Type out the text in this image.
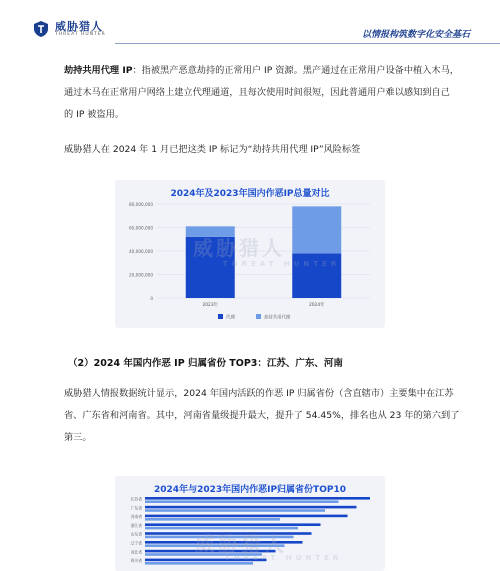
威胁猎人
THREAT HUNTER	以情报构筑数字化安全基石
劫持共用代理 IP：指被黑产恶意劫持的正常用户 IP 资源。黑产通过在正常用户设备中植入木马，
通过木马在正常用户网络上建立代理通道，且每次使用时间很短，因此普通用户难以感知到自己
的 IP 被盗用。
威胁猎人在 2024 年 1 月已把这类 IP 标记为“劫持共用代理 IP”风险标签
2024年及2023年国内作恶IP总量对比
0
20,000,000
40,000,000
60,000,000
80,000,000
2023年	2024年
代理	劫持共用代理
威胁猎人
THREAT HUNTER
（2）2024 年国内作恶 IP 归属省份 TOP3：江苏、广东、河南
威胁猎人情报数据统计显示，2024 年国内活跃的作恶 IP 归属省份（含直辖市）主要集中在江苏
省、广东省和河南省。其中，河南省量级提升最大，提升了 54.45%，排名也从 23 年的第六到了
第三。
2024年与2023年国内作恶IP归属省份TOP10
江苏省
广东省
河南省
浙江省
山东省
辽宁省
河北省
四川省
威胁猎人
THREAT HUNTER
